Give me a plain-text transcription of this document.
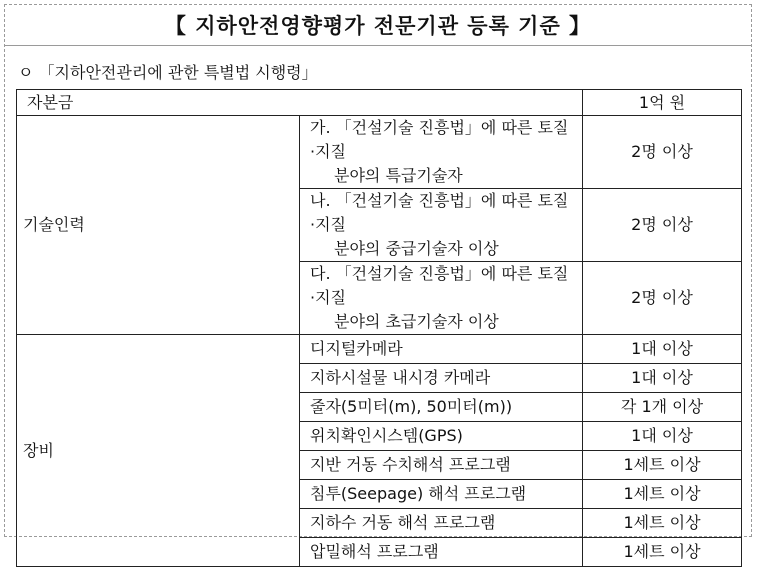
【 지하안전영향평가 전문기관 등록 기준 】
ㅇ 「지하안전관리에 관한 특별법 시행령」
자본금		1억 원
기술인력	가. 「건설기술 진흥법」에 따른 토질·지질
분야의 특급기술자	2명 이상

	나. 「건설기술 진흥법」에 따른 토질·지질
분야의 중급기술자 이상	2명 이상

	다. 「건설기술 진흥법」에 따른 토질·지질
분야의 초급기술자 이상	2명 이상
장비	디지털카메라	1대 이상
	지하시설물 내시경 카메라	1대 이상
	줄자(5미터(m), 50미터(m))	각 1개 이상
	위치확인시스템(GPS)	1대 이상
	지반 거동 수치해석 프로그램	1세트 이상
	침투(Seepage) 해석 프로그램	1세트 이상
	지하수 거동 해석 프로그램	1세트 이상
	압밀해석 프로그램	1세트 이상
